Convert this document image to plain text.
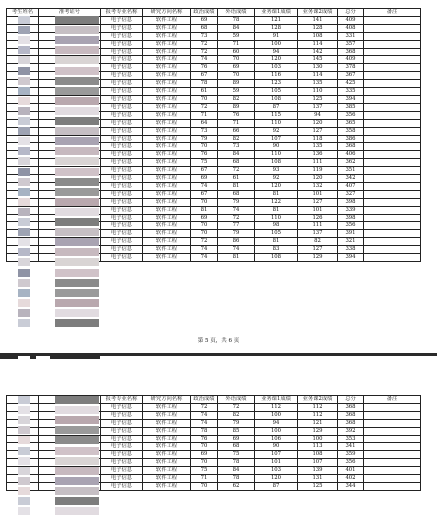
考生姓名	准考证号	报考专业名称	研究方向名称	政治成绩	外语成绩	业务课1成绩	业务课2成绩	总分	备注
		电子信息	软件工程	69	78	121	141	409	
		电子信息	软件工程	68	84	128	128	408	
		电子信息	软件工程	73	59	91	108	331	
		电子信息	软件工程	72	71	100	114	357	
		电子信息	软件工程	72	60	94	142	368	
		电子信息	软件工程	74	70	120	145	409	
		电子信息	软件工程	76	69	103	130	378	
		电子信息	软件工程	67	70	116	114	367	
		电子信息	软件工程	78	89	123	135	425	
		电子信息	软件工程	61	59	105	110	335	
		电子信息	软件工程	70	82	108	125	394	
		电子信息	软件工程	72	89	87	137	385	
		电子信息	软件工程	71	76	115	94	356	
		电子信息	软件工程	64	71	110	120	365	
		电子信息	软件工程	73	66	92	127	358	
		电子信息	软件工程	79	82	107	118	386	
		电子信息	软件工程	70	73	90	135	368	
		电子信息	软件工程	76	84	110	136	406	
		电子信息	软件工程	75	68	108	111	362	
		电子信息	软件工程	67	72	93	119	351	
		电子信息	软件工程	69	61	92	120	342	
		电子信息	软件工程	74	81	120	132	407	
		电子信息	软件工程	67	68	81	101	327	
		电子信息	软件工程	70	79	122	127	398	
		电子信息	软件工程	81	74	81	101	339	
		电子信息	软件工程	69	72	110	126	398	
		电子信息	软件工程	70	77	98	111	356	
		电子信息	软件工程	70	79	105	137	391	
		电子信息	软件工程	72	86	81	82	321	
		电子信息	软件工程	74	74	83	127	338	
		电子信息	软件工程	74	81	108	129	394	
第 5 页，共 6 页
		报考专业名称	研究方向名称	政治成绩	外语成绩	业务课1成绩	业务课2成绩	总分	备注
		电子信息	软件工程	72	72	112	112	368	
		电子信息	软件工程	74	82	100	112	368	
		电子信息	软件工程	74	79	94	121	368	
		电子信息	软件工程	78	85	100	129	392	
		电子信息	软件工程	76	69	106	100	353	
		电子信息	软件工程	70	68	90	113	341	
		电子信息	软件工程	69	75	107	108	359	
		电子信息	软件工程	70	78	101	107	356	
		电子信息	软件工程	75	84	103	139	401	
		电子信息	软件工程	71	78	120	131	402	
		电子信息	软件工程	70	62	87	125	344	
